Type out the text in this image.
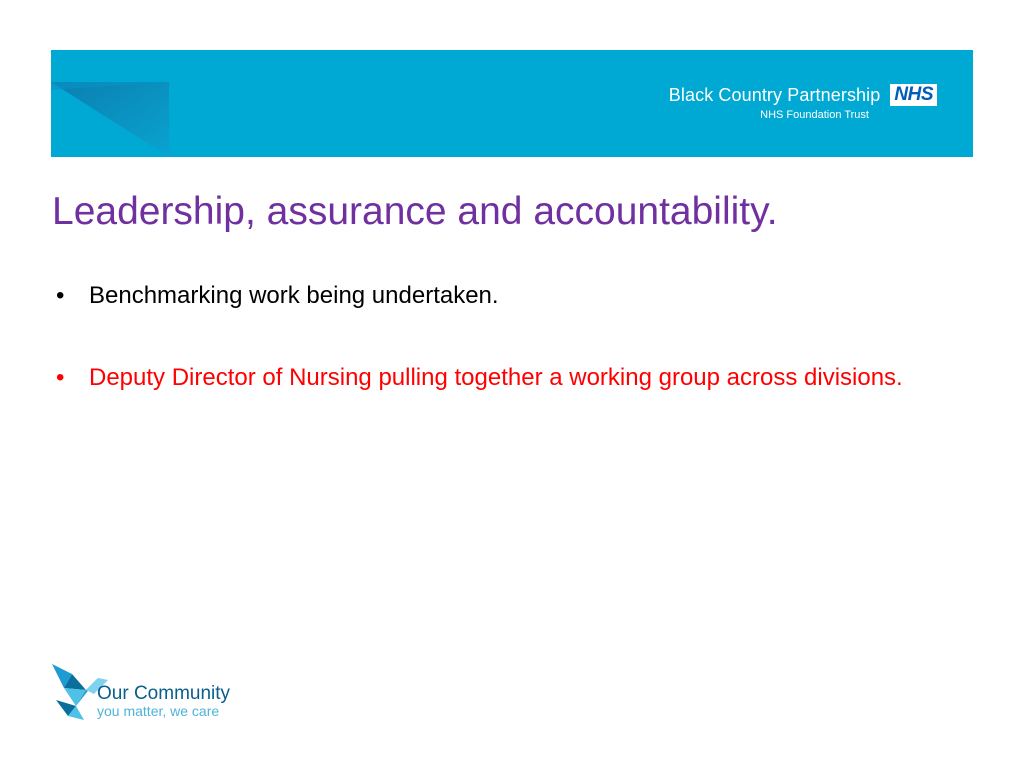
Black Country Partnership NHS
NHS Foundation Trust
Leadership, assurance and accountability.
• Benchmarking work being undertaken.
• Deputy Director of Nursing pulling together a working group across divisions.
Our Community
you matter, we care
